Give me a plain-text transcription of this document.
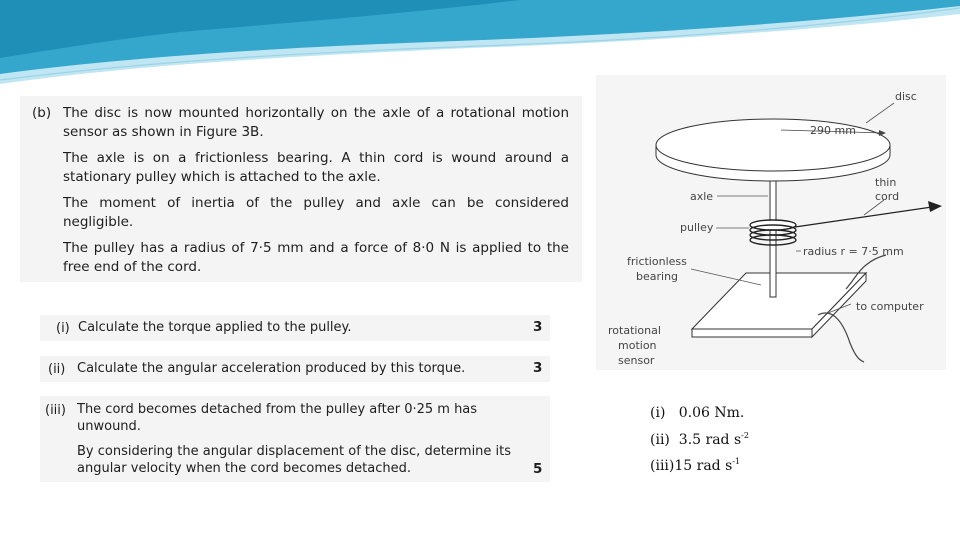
(b) The disc is now mounted horizontally on the axle of a rotational motion
sensor as shown in Figure 3B.
The axle is on a frictionless bearing. A thin cord is wound around a
stationary pulley which is attached to the axle.
The moment of inertia of the pulley and axle can be considered
negligible.
The pulley has a radius of 7·5 mm and a force of 8·0 N is applied to the
free end of the cord.
(i) Calculate the torque applied to the pulley.	3
(ii) Calculate the angular acceleration produced by this torque.	3
(iii) The cord becomes detached from the pulley after 0·25 m has
unwound.
By considering the angular displacement of the disc, determine its
angular velocity when the cord becomes detached.	5
disc
290 mm
axle
thin
cord
pulley
radius r = 7·5 mm
frictionless
bearing
to computer
rotational
motion
sensor
(i) 0.06 Nm.
(ii) 3.5 rad $s^{-2}$
(iii)15 rad $s^{-1}$
